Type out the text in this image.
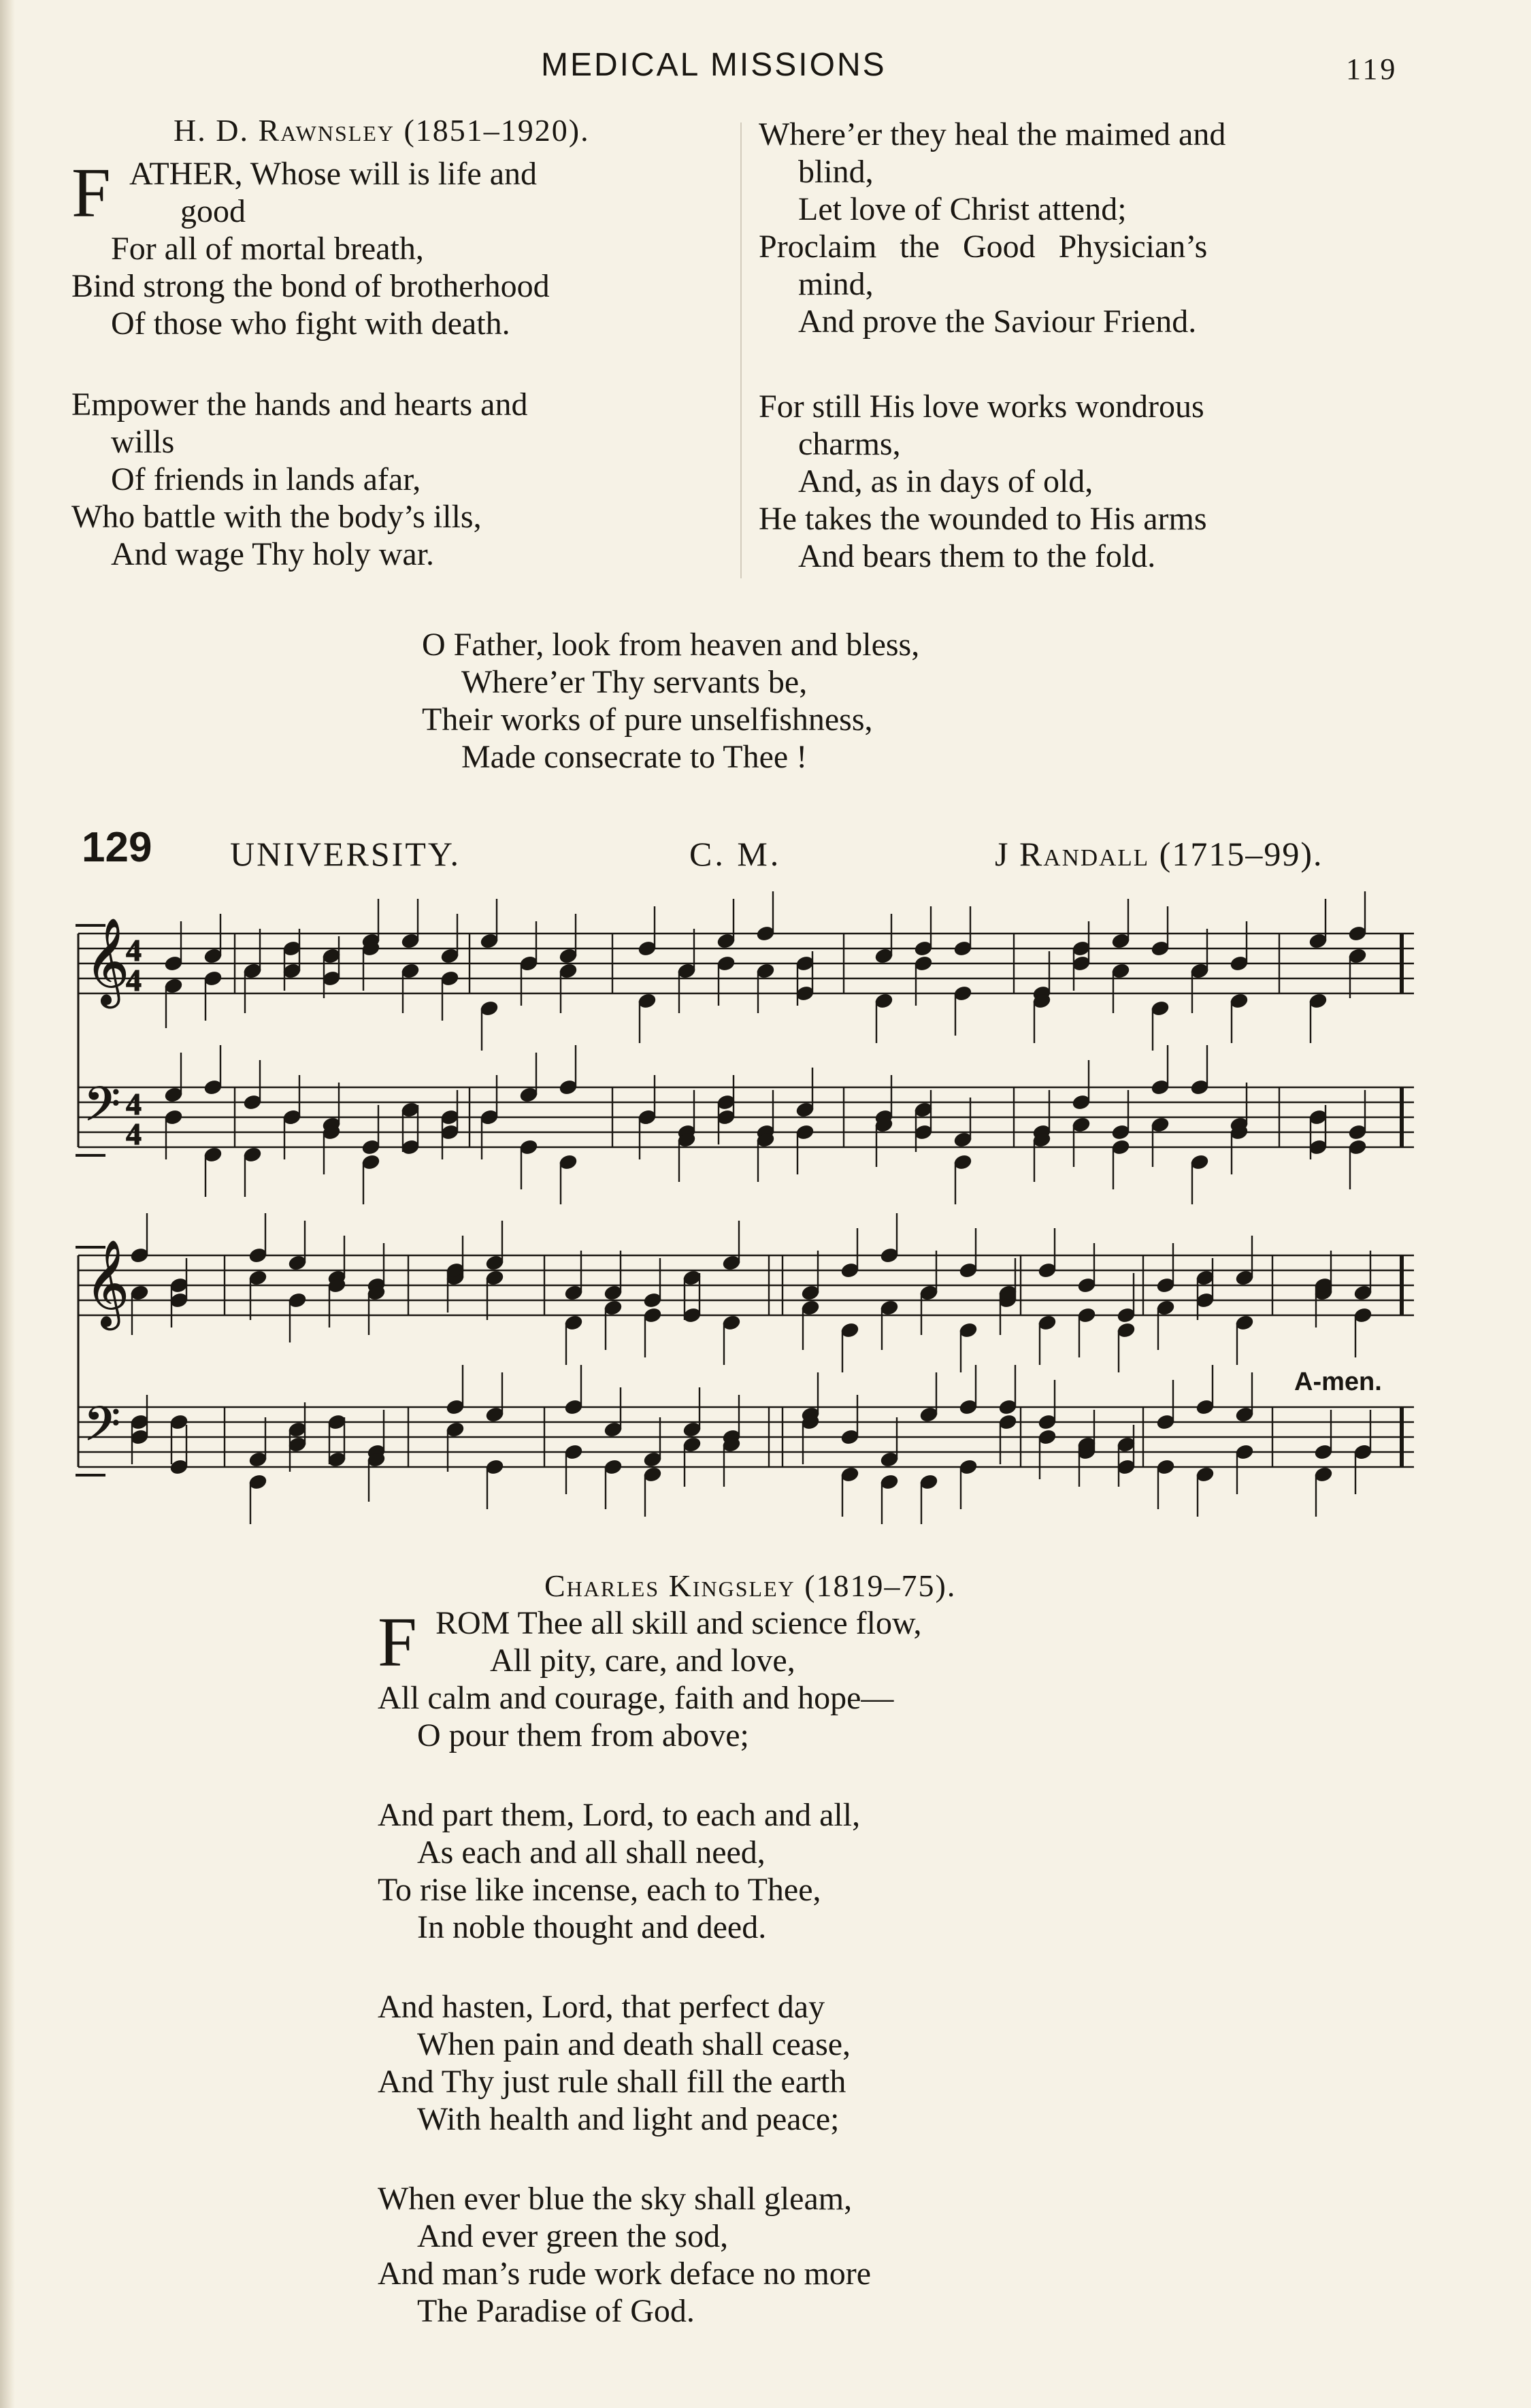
MEDICAL MISSIONS	119
H. D. Rawnsley (1851–1920).
F ATHER, Whose will is life and
good
For all of mortal breath,
Bind strong the bond of brotherhood
Of those who fight with death.
Empower the hands and hearts and
wills
Of friends in lands afar,
Who battle with the body’s ills,
And wage Thy holy war.
Where’er they heal the maimed and
blind,
Let love of Christ attend;
Proclaim the Good Physician’s
mind,
And prove the Saviour Friend.
For still His love works wondrous
charms,
And, as in days of old,
He takes the wounded to His arms
And bears them to the fold.
O Father, look from heaven and bless,
Where’er Thy servants be,
Their works of pure unselfishness,
Made consecrate to Thee !
129 UNIVERSITY.	C. M.	J Randall (1715–99).
𝄞
𝄢
4
4
4
4
𝄞
𝄢
A-men.
Charles Kingsley (1819–75).
F ROM Thee all skill and science flow,
All pity, care, and love,
All calm and courage, faith and hope—
O pour them from above;
And part them, Lord, to each and all,
As each and all shall need,
To rise like incense, each to Thee,
In noble thought and deed.
And hasten, Lord, that perfect day
When pain and death shall cease,
And Thy just rule shall fill the earth
With health and light and peace;
When ever blue the sky shall gleam,
And ever green the sod,
And man’s rude work deface no more
The Paradise of God.
